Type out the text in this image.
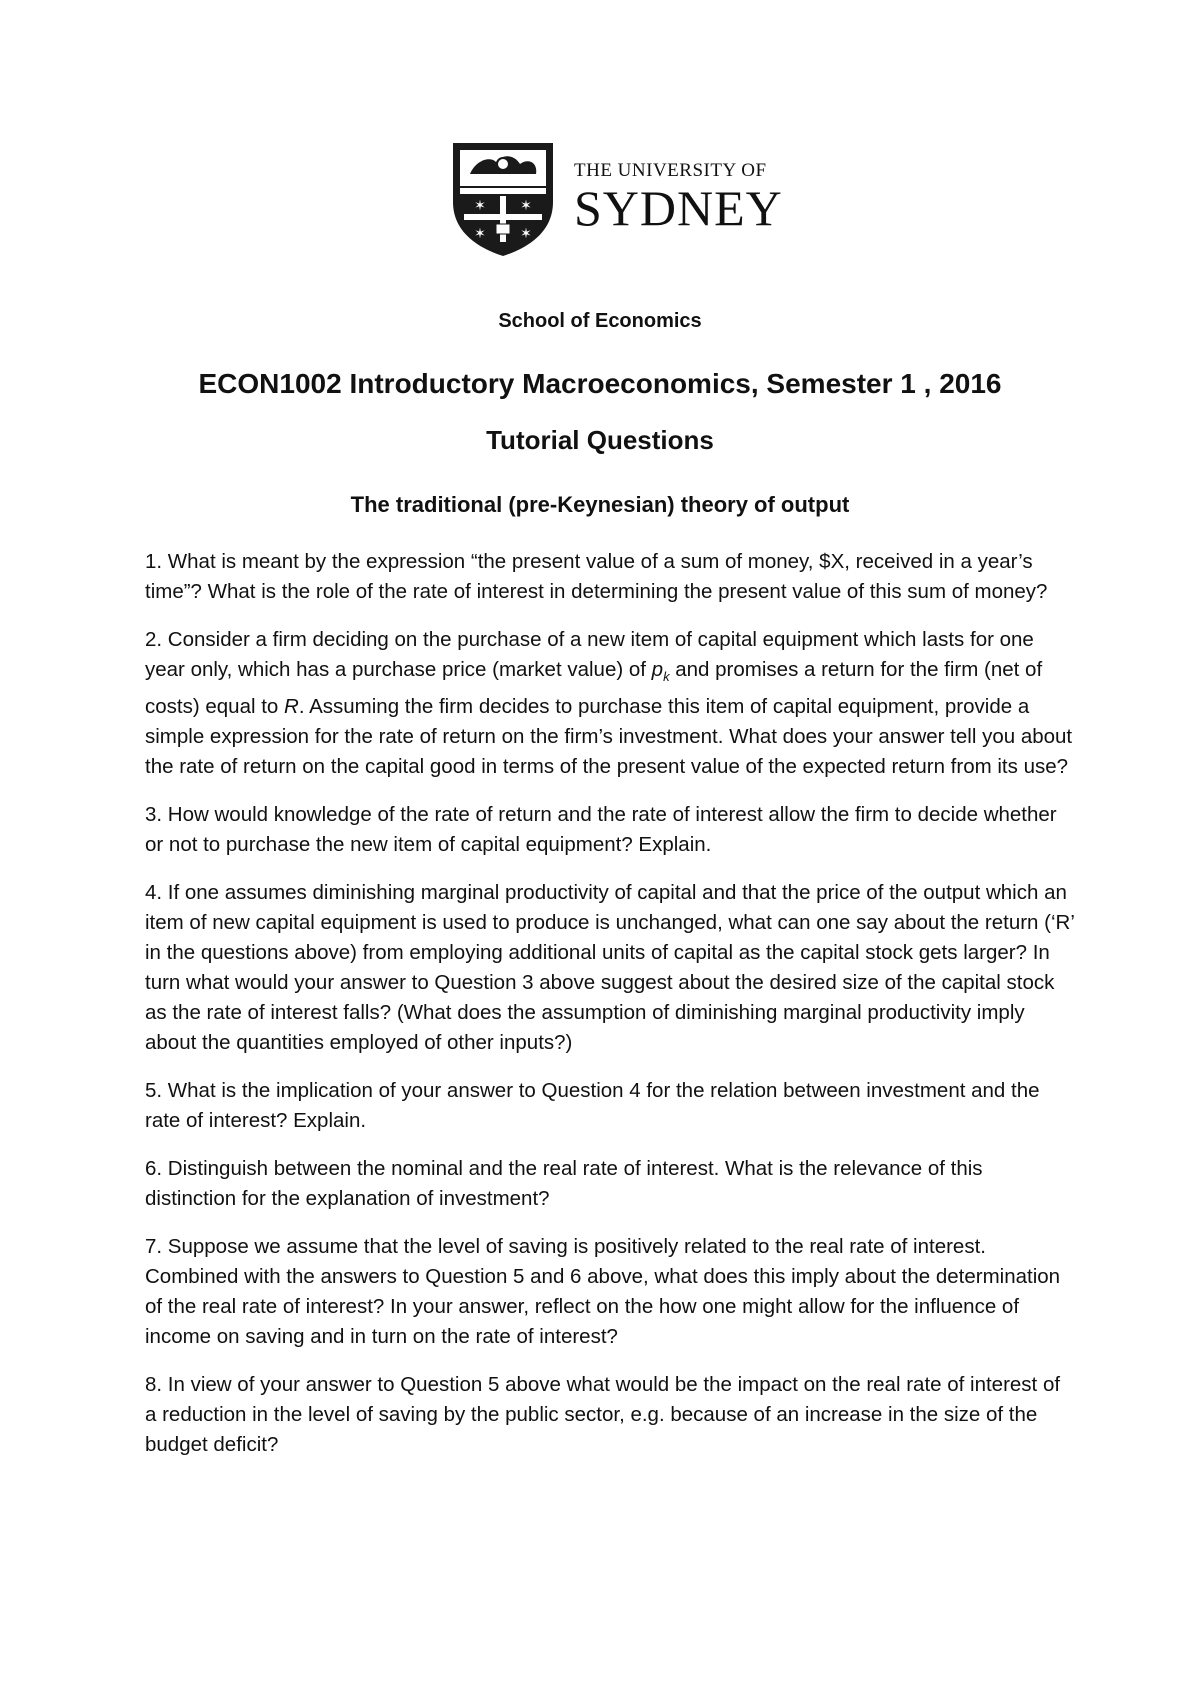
✶ ✶
✶ ✶
THE UNIVERSITY OF
SYDNEY
School of Economics
ECON1002 Introductory Macroeconomics, Semester 1 , 2016
Tutorial Questions
The traditional (pre-Keynesian) theory of output

1. What is meant by the expression “the present value of a sum of money, $X, received in a year’s time”? What is the role of the rate of interest in determining the present value of this sum of money?

2. Consider a firm deciding on the purchase of a new item of capital equipment which lasts for one year only, which has a purchase price (market value) of $p_k$ and promises a return for the firm (net of costs) equal to R. Assuming the firm decides to purchase this item of capital equipment, provide a simple expression for the rate of return on the firm’s investment. What does your answer tell you about the rate of return on the capital good in terms of the present value of the expected return from its use?

3. How would knowledge of the rate of return and the rate of interest allow the firm to decide whether or not to purchase the new item of capital equipment? Explain.

4. If one assumes diminishing marginal productivity of capital and that the price of the output which an item of new capital equipment is used to produce is unchanged, what can one say about the return (‘R’ in the questions above) from employing additional units of capital as the capital stock gets larger? In turn what would your answer to Question 3 above suggest about the desired size of the capital stock as the rate of interest falls? (What does the assumption of diminishing marginal productivity imply about the quantities employed of other inputs?)

5. What is the implication of your answer to Question 4 for the relation between investment and the rate of interest? Explain.

6. Distinguish between the nominal and the real rate of interest. What is the relevance of this distinction for the explanation of investment?

7. Suppose we assume that the level of saving is positively related to the real rate of interest. Combined with the answers to Question 5 and 6 above, what does this imply about the determination of the real rate of interest? In your answer, reflect on the how one might allow for the influence of income on saving and in turn on the rate of interest?

8. In view of your answer to Question 5 above what would be the impact on the real rate of interest of a reduction in the level of saving by the public sector, e.g. because of an increase in the size of the budget deficit?
